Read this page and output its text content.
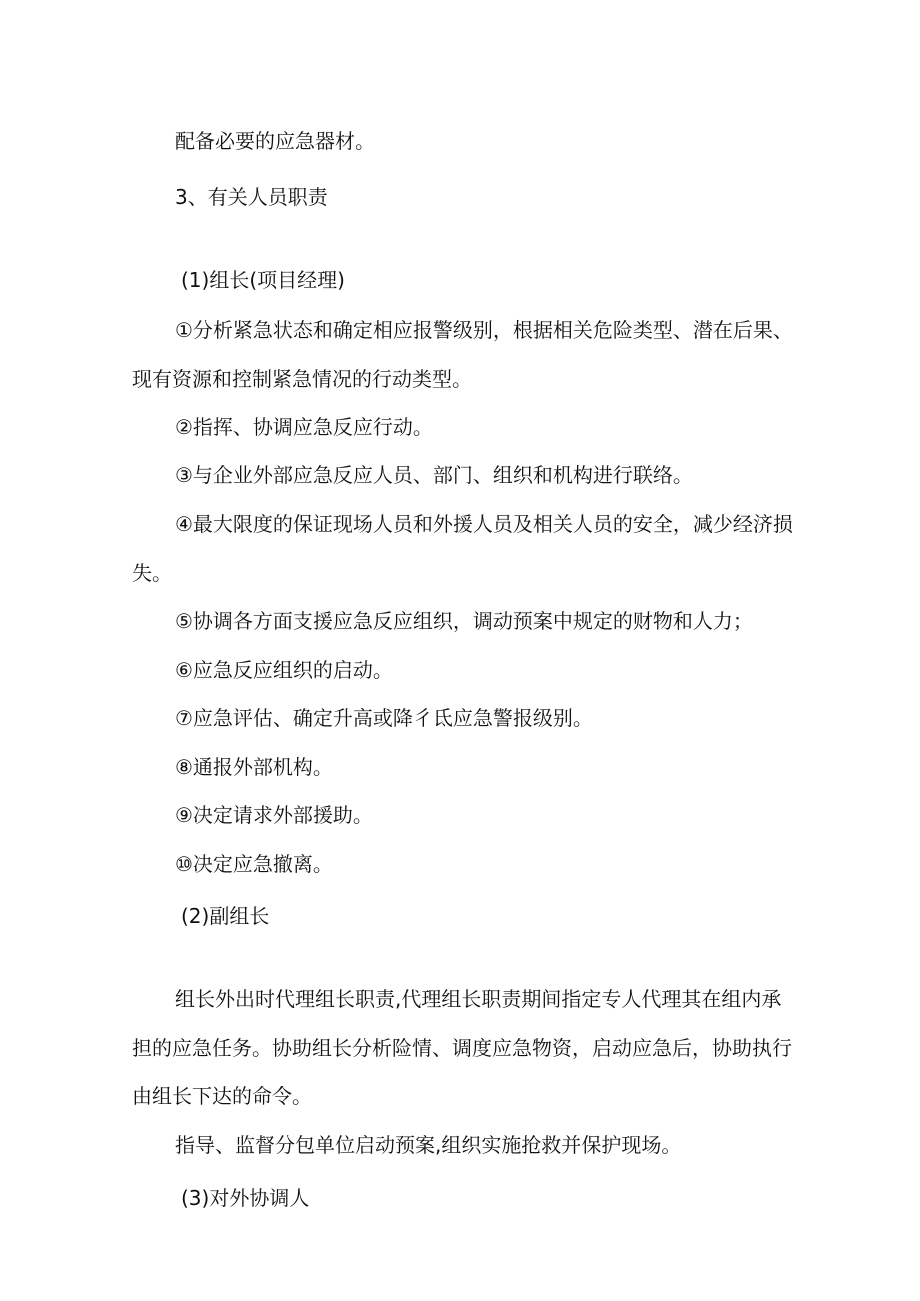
配备必要的应急器材。
3、有关人员职责
(1)组长(项目经理)
①分析紧急状态和确定相应报警级别，根据相关危险类型、潜在后果、
现有资源和控制紧急情况的行动类型。
②指挥、协调应急反应行动。
③与企业外部应急反应人员、部门、组织和机构进行联络。
④最大限度的保证现场人员和外援人员及相关人员的安全，减少经济损
失。
⑤协调各方面支援应急反应组织，调动预案中规定的财物和人力；
⑥应急反应组织的启动。
⑦应急评估、确定升高或降彳氐应急警报级别。
⑧通报外部机构。
⑨决定请求外部援助。
⑩决定应急撤离。
(2)副组长
组长外出时代理组长职责,代理组长职责期间指定专人代理其在组内承
担的应急任务。协助组长分析险情、调度应急物资，启动应急后，协助执行
由组长下达的命令。
指导、监督分包单位启动预案,组织实施抢救并保护现场。
(3)对外协调人
